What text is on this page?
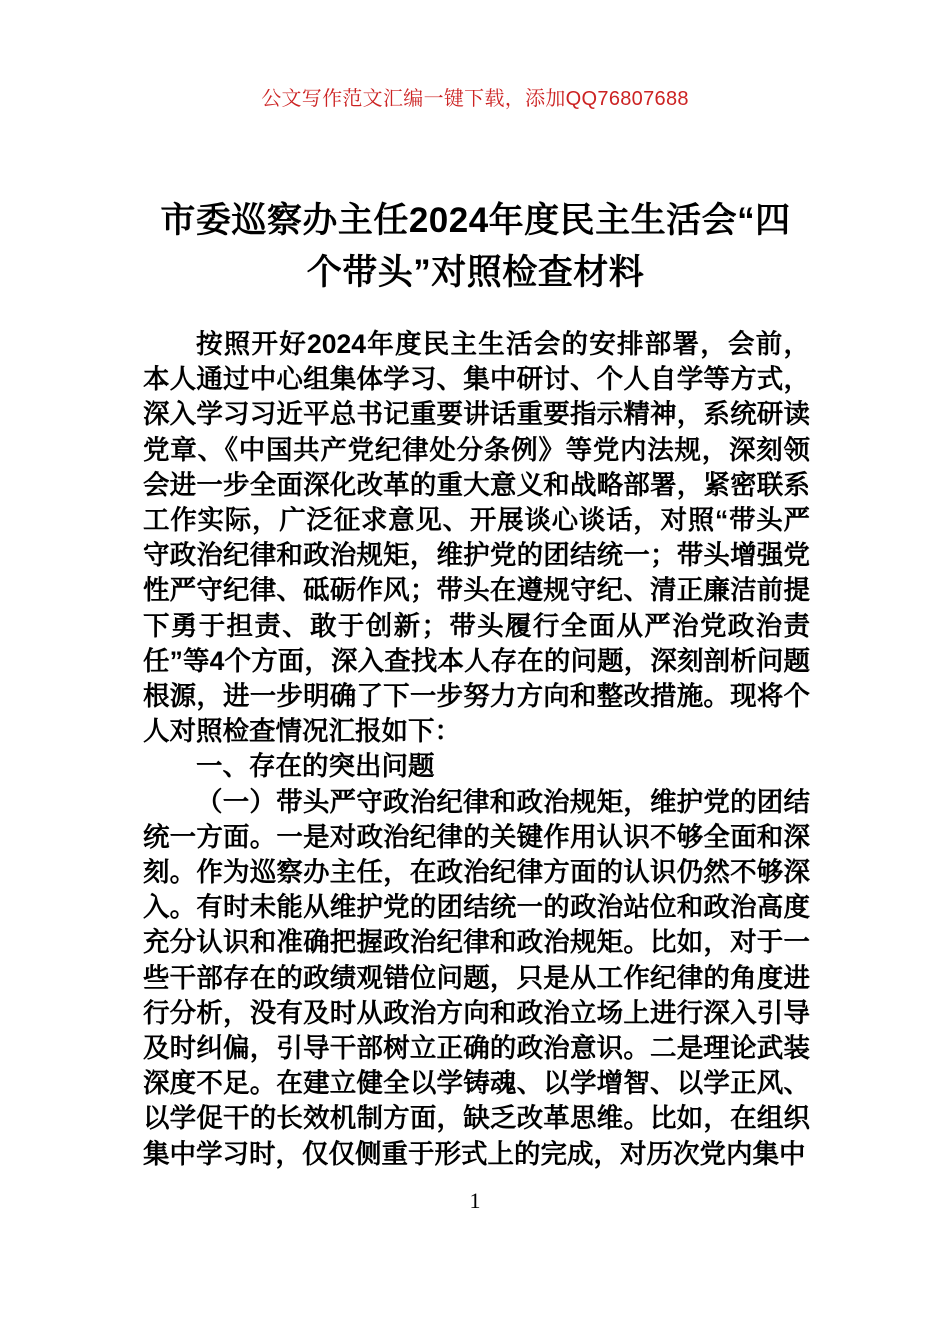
公文写作范文汇编一键下载，添加QQ76807688
市委巡察办主任2024年度民主生活会“四个带头”对照检查材料

按照开好2024年度民主生活会的安排部署，会前，本人通过中心组集体学习、集中研讨、个人自学等方式，深入学习习近平总书记重要讲话重要指示精神，系统研读党章、《中国共产党纪律处分条例》等党内法规，深刻领会进一步全面深化改革的重大意义和战略部署，紧密联系工作实际，广泛征求意见、开展谈心谈话，对照“带头严守政治纪律和政治规矩，维护党的团结统一；带头增强党性严守纪律、砥砺作风；带头在遵规守纪、清正廉洁前提下勇于担责、敢于创新；带头履行全面从严治党政治责任”等4个方面，深入查找本人存在的问题，深刻剖析问题根源，进一步明确了下一步努力方向和整改措施。现将个人对照检查情况汇报如下：

一、存在的突出问题

（一）带头严守政治纪律和政治规矩，维护党的团结统一方面。一是对政治纪律的关键作用认识不够全面和深刻。作为巡察办主任，在政治纪律方面的认识仍然不够深入。有时未能从维护党的团结统一的政治站位和政治高度充分认识和准确把握政治纪律和政治规矩。比如，对于一些干部存在的政绩观错位问题，只是从工作纪律的角度进行分析，没有及时从政治方向和政治立场上进行深入引导及时纠偏，引导干部树立正确的政治意识。二是理论武装深度不足。在建立健全以学铸魂、以学增智、以学正风、以学促干的长效机制方面，缺乏改革思维。比如，在组织集中学习时，仅仅侧重于形式上的完成，对历次党内集中

1
